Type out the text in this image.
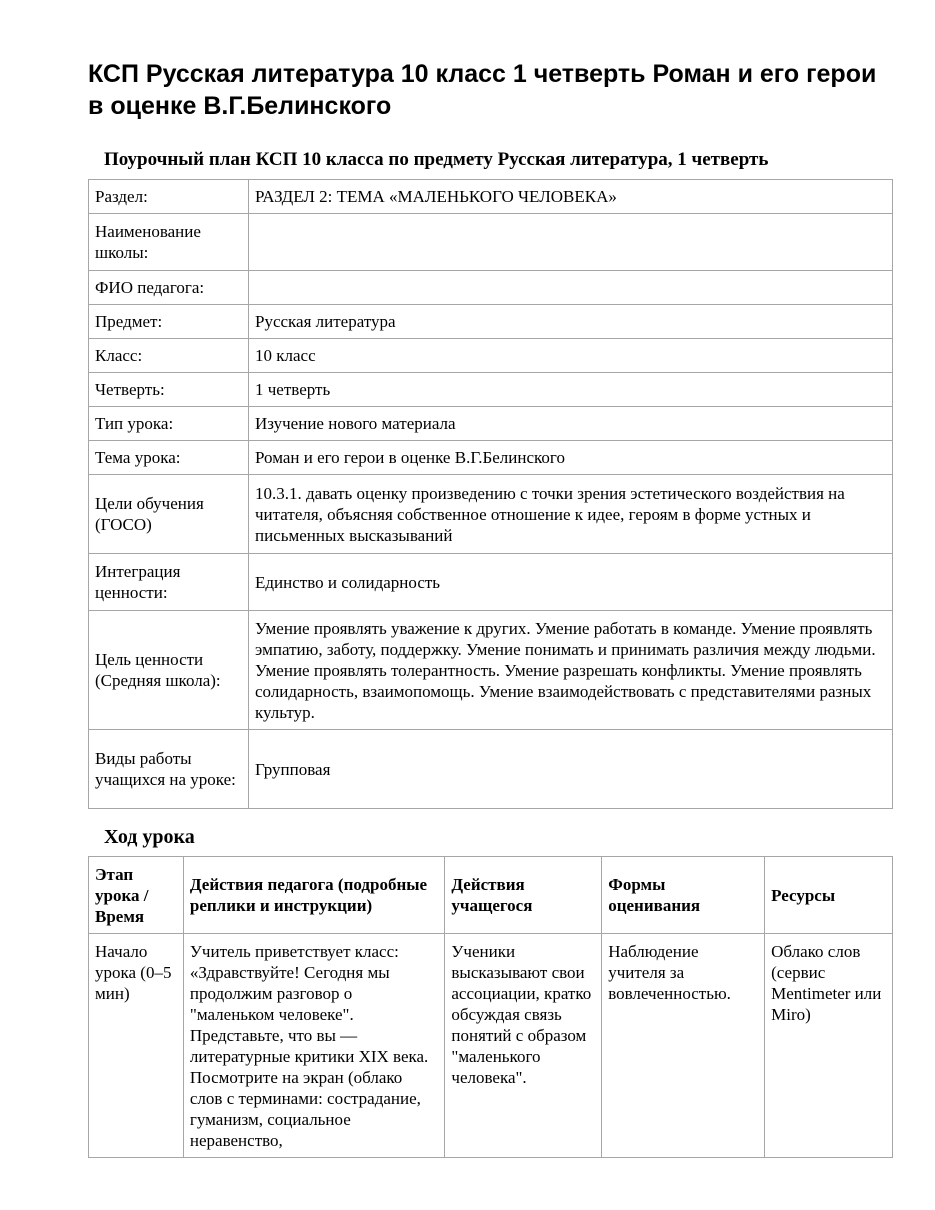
КСП Русская литература 10 класс 1 четверть Роман и его герои в оценке В.Г.Белинского
Поурочный план КСП 10 класса по предмету Русская литература, 1 четверть
Раздел:	РАЗДЕЛ 2: ТЕМА «МАЛЕНЬКОГО ЧЕЛОВЕКА»
Наименование школы:	
ФИО педагога:	
Предмет:	Русская литература
Класс:	10 класс
Четверть:	1 четверть
Тип урока:	Изучение нового материала
Тема урока:	Роман и его герои в оценке В.Г.Белинского
Цели обучения (ГОСО)	10.3.1. давать оценку произведению с точки зрения эстетического воздействия на читателя, объясняя собственное отношение к идее, героям в форме устных и письменных высказываний
Интеграция ценности:	Единство и солидарность
Цель ценности (Средняя школа):	Умение проявлять уважение к других. Умение работать в команде. Умение проявлять эмпатию, заботу, поддержку. Умение понимать и принимать различия между людьми. Умение проявлять толерантность. Умение разрешать конфликты. Умение проявлять солидарность, взаимопомощь. Умение взаимодействовать с представителями разных культур.
Виды работы учащихся на уроке:	Групповая
Ход урока
Этап урока / Время	Действия педагога (подробные реплики и инструкции)	Действия учащегося	Формы оценивания	Ресурсы
Начало урока (0–5 мин)	Учитель приветствует класс: «Здравствуйте! Сегодня мы продолжим разговор о "маленьком человеке". Представьте, что вы — литературные критики XIX века. Посмотрите на экран (облако слов с терминами: сострадание, гуманизм, социальное неравенство,	Ученики высказывают свои ассоциации, кратко обсуждая связь понятий с образом "маленького человека".	Наблюдение учителя за вовлеченностью.	Облако слов (сервис Mentimeter или Miro)
